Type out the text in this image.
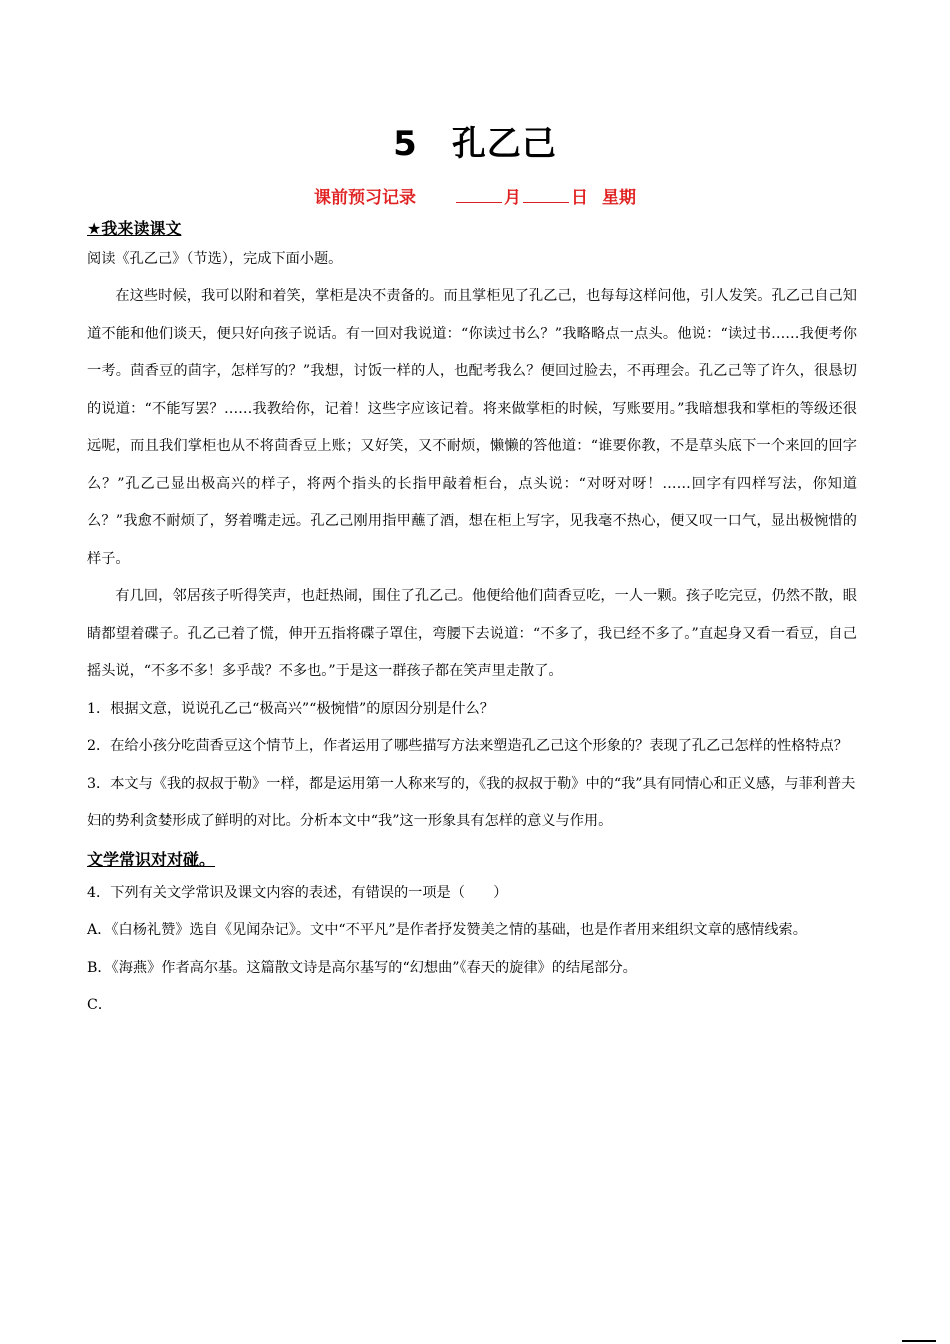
5 孔乙己
课前预习记录	月	日 星期

★我来读课文

阅读《孔乙己》（节选），完成下面小题。

在这些时候，我可以附和着笑，掌柜是决不责备的。而且掌柜见了孔乙己，也每每这样问他，引人发笑。孔乙己自己知道不能和他们谈天，便只好向孩子说话。有一回对我说道：“你读过书么？”我略略点一点头。他说：“读过书……我便考你一考。茴香豆的茴字，怎样写的？”我想，讨饭一样的人，也配考我么？便回过脸去，不再理会。孔乙己等了许久，很恳切的说道：“不能写罢？……我教给你，记着！这些字应该记着。将来做掌柜的时候，写账要用。”我暗想我和掌柜的等级还很远呢，而且我们掌柜也从不将茴香豆上账；又好笑，又不耐烦，懒懒的答他道：“谁要你教，不是草头底下一个来回的回字么？”孔乙己显出极高兴的样子，将两个指头的长指甲敲着柜台，点头说：“对呀对呀！……回字有四样写法，你知道么？”我愈不耐烦了，努着嘴走远。孔乙己刚用指甲蘸了酒，想在柜上写字，见我毫不热心，便又叹一口气，显出极惋惜的样子。

有几回，邻居孩子听得笑声，也赶热闹，围住了孔乙己。他便给他们茴香豆吃，一人一颗。孩子吃完豆，仍然不散，眼睛都望着碟子。孔乙己着了慌，伸开五指将碟子罩住，弯腰下去说道：“不多了，我已经不多了。”直起身又看一看豆，自己摇头说，“不多不多！多乎哉？不多也。”于是这一群孩子都在笑声里走散了。

1．根据文意，说说孔乙己“极高兴”“极惋惜”的原因分别是什么？

2．在给小孩分吃茴香豆这个情节上，作者运用了哪些描写方法来塑造孔乙己这个形象的？表现了孔乙己怎样的性格特点？

3．本文与《我的叔叔于勒》一样，都是运用第一人称来写的，《我的叔叔于勒》中的“我”具有同情心和正义感，与菲利普夫妇的势利贪婪形成了鲜明的对比。分析本文中“我”这一形象具有怎样的意义与作用。

文学常识对对碰。

4．下列有关文学常识及课文内容的表述，有错误的一项是（　　）

A．《白杨礼赞》选自《见闻杂记》。文中“不平凡”是作者抒发赞美之情的基础，也是作者用来组织文章的感情线索。

B．《海燕》作者高尔基。这篇散文诗是高尔基写的“幻想曲”《春天的旋律》的结尾部分。

C．
